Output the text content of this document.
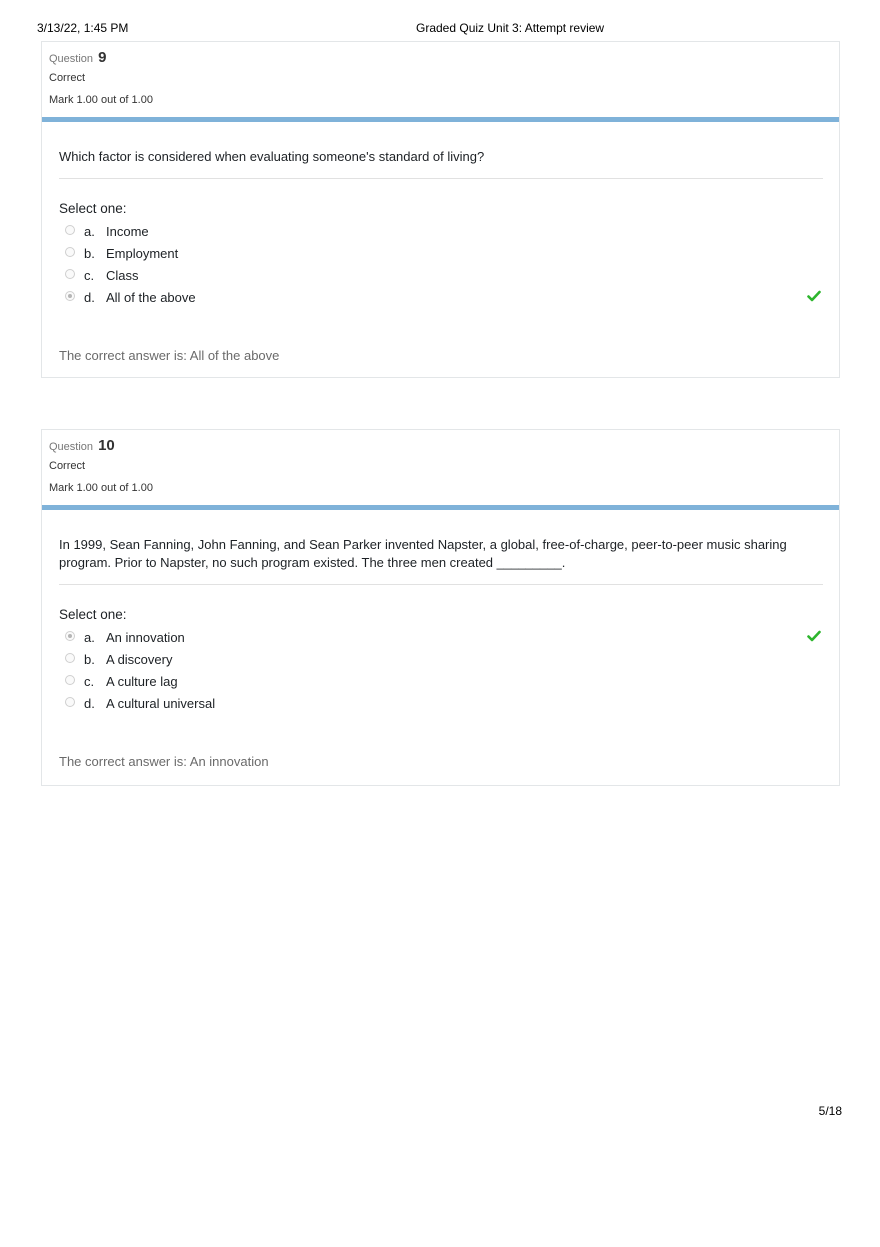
3/13/22, 1:45 PM	Graded Quiz Unit 3: Attempt review
Question 9
Correct
Mark 1.00 out of 1.00
Which factor is considered when evaluating someone's standard of living?
Select one:
a. Income
b. Employment
c. Class
d. All of the above
The correct answer is: All of the above
Question 10
Correct
Mark 1.00 out of 1.00
In 1999, Sean Fanning, John Fanning, and Sean Parker invented Napster, a global, free-of-charge, peer-to-peer music sharing program. Prior to Napster, no such program existed. The three men created _________.
Select one:
a. An innovation
b. A discovery
c. A culture lag
d. A cultural universal
The correct answer is: An innovation
5/18
